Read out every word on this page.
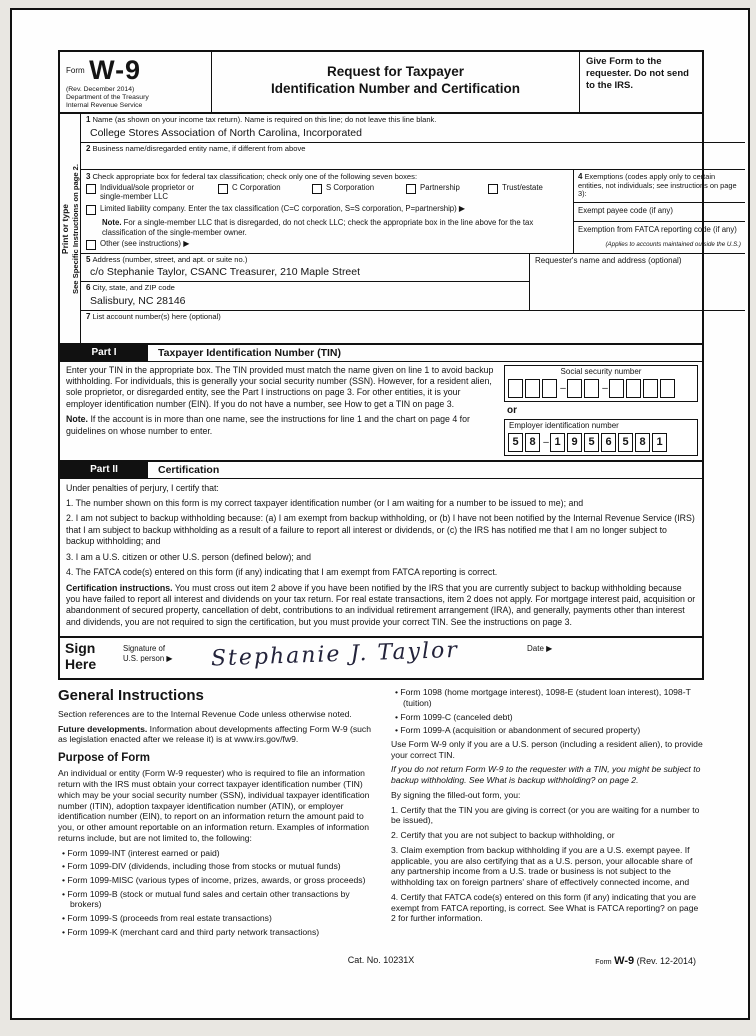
$^{Form}$ W-9
(Rev. December 2014)
Department of the Treasury
Internal Revenue Service
Request for Taxpayer
Identification Number and Certification
Give Form to the requester. Do not send to the IRS.
Print or type See Specific Instructions on page 2.
1 Name (as shown on your income tax return). Name is required on this line; do not leave this line blank.
College Stores Association of North Carolina, Incorporated
2 Business name/disregarded entity name, if different from above
3 Check appropriate box for federal tax classification; check only one of the following seven boxes:
Individual/sole proprietor or single-member LLC
C Corporation	S Corporation	Partnership	Trust/estate
Limited liability company. Enter the tax classification (C=C corporation, S=S corporation, P=partnership) ▶
Note. For a single-member LLC that is disregarded, do not check LLC; check the appropriate box in the line above for the tax classification of the single-member owner.
Other (see instructions) ▶
4 Exemptions (codes apply only to certain entities, not individuals; see instructions on page 3):
Exempt payee code (if any)
Exemption from FATCA reporting code (if any)
(Applies to accounts maintained outside the U.S.)
5 Address (number, street, and apt. or suite no.)
c/o Stephanie Taylor, CSANC Treasurer, 210 Maple Street
6 City, state, and ZIP code
Salisbury, NC 28146
Requester's name and address (optional)
7 List account number(s) here (optional)
Part I	Taxpayer Identification Number (TIN)

Enter your TIN in the appropriate box. The TIN provided must match the name given on line 1 to avoid backup withholding. For individuals, this is generally your social security number (SSN). However, for a resident alien, sole proprietor, or disregarded entity, see the Part I instructions on page 3. For other entities, it is your employer identification number (EIN). If you do not have a number, see How to get a TIN on page 3.

Note. If the account is in more than one name, see the instructions for line 1 and the chart on page 4 for guidelines on whose number to enter.

Social security number
–	–
or
Employer identification number
5 8 – 1 9 5 6 5 8 1
Part II	Certification

Under penalties of perjury, I certify that:

1. The number shown on this form is my correct taxpayer identification number (or I am waiting for a number to be issued to me); and

2. I am not subject to backup withholding because: (a) I am exempt from backup withholding, or (b) I have not been notified by the Internal Revenue Service (IRS) that I am subject to backup withholding as a result of a failure to report all interest or dividends, or (c) the IRS has notified me that I am no longer subject to backup withholding; and

3. I am a U.S. citizen or other U.S. person (defined below); and

4. The FATCA code(s) entered on this form (if any) indicating that I am exempt from FATCA reporting is correct.

Certification instructions. You must cross out item 2 above if you have been notified by the IRS that you are currently subject to backup withholding because you have failed to report all interest and dividends on your tax return. For real estate transactions, item 2 does not apply. For mortgage interest paid, acquisition or abandonment of secured property, cancellation of debt, contributions to an individual retirement arrangement (IRA), and generally, payments other than interest and dividends, you are not required to sign the certification, but you must provide your correct TIN. See the instructions on page 3.

Sign
Here
Signature of
U.S. person ▶	Stephanie J. Taylor	Date ▶
General Instructions

Section references are to the Internal Revenue Code unless otherwise noted.

Future developments. Information about developments affecting Form W-9 (such as legislation enacted after we release it) is at www.irs.gov/fw9.

Purpose of Form

An individual or entity (Form W-9 requester) who is required to file an information return with the IRS must obtain your correct taxpayer identification number (TIN) which may be your social security number (SSN), individual taxpayer identification number (ITIN), adoption taxpayer identification number (ATIN), or employer identification number (EIN), to report on an information return the amount paid to you, or other amount reportable on an information return. Examples of information returns include, but are not limited to, the following:

• Form 1099-INT (interest earned or paid)
• Form 1099-DIV (dividends, including those from stocks or mutual funds)
• Form 1099-MISC (various types of income, prizes, awards, or gross proceeds)
• Form 1099-B (stock or mutual fund sales and certain other transactions by brokers)
• Form 1099-S (proceeds from real estate transactions)
• Form 1099-K (merchant card and third party network transactions)
• Form 1098 (home mortgage interest), 1098-E (student loan interest), 1098-T (tuition)
• Form 1099-C (canceled debt)
• Form 1099-A (acquisition or abandonment of secured property)

Use Form W-9 only if you are a U.S. person (including a resident alien), to provide your correct TIN.

If you do not return Form W-9 to the requester with a TIN, you might be subject to backup withholding. See What is backup withholding? on page 2.

By signing the filled-out form, you:

1. Certify that the TIN you are giving is correct (or you are waiting for a number to be issued),

2. Certify that you are not subject to backup withholding, or

3. Claim exemption from backup withholding if you are a U.S. exempt payee. If applicable, you are also certifying that as a U.S. person, your allocable share of any partnership income from a U.S. trade or business is not subject to the withholding tax on foreign partners' share of effectively connected income, and

4. Certify that FATCA code(s) entered on this form (if any) indicating that you are exempt from FATCA reporting, is correct. See What is FATCA reporting? on page 2 for further information.

Cat. No. 10231X	Form W-9 (Rev. 12-2014)
